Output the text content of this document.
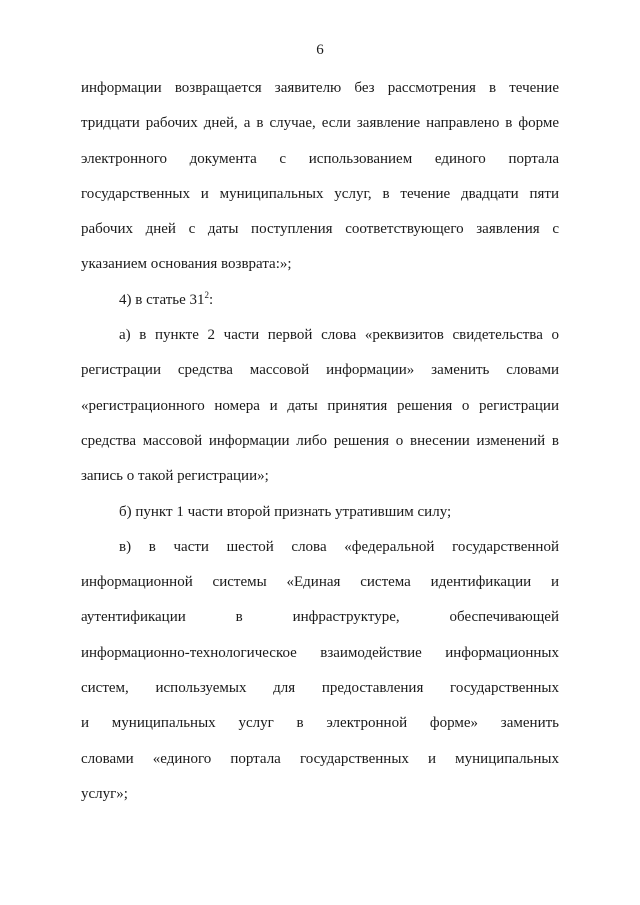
6
информации возвращается заявителю без рассмотрения в течение
тридцати рабочих дней, а в случае, если заявление направлено в форме
электронного документа с использованием единого портала
государственных и муниципальных услуг, в течение двадцати пяти
рабочих дней с даты поступления соответствующего заявления с
указанием основания возврата:»;
4) в статье $31^2$:
а) в пункте 2 части первой слова «реквизитов свидетельства о
регистрации средства массовой информации» заменить словами
«регистрационного номера и даты принятия решения о регистрации
средства массовой информации либо решения о внесении изменений в
запись о такой регистрации»;
б) пункт 1 части второй признать утратившим силу;
в) в части шестой слова «федеральной государственной
информационной системы «Единая система идентификации и
аутентификации в инфраструктуре, обеспечивающей
информационно-технологическое взаимодействие информационных
систем, используемых для предоставления государственных
и муниципальных услуг в электронной форме» заменить
словами «единого портала государственных и муниципальных
услуг»;
